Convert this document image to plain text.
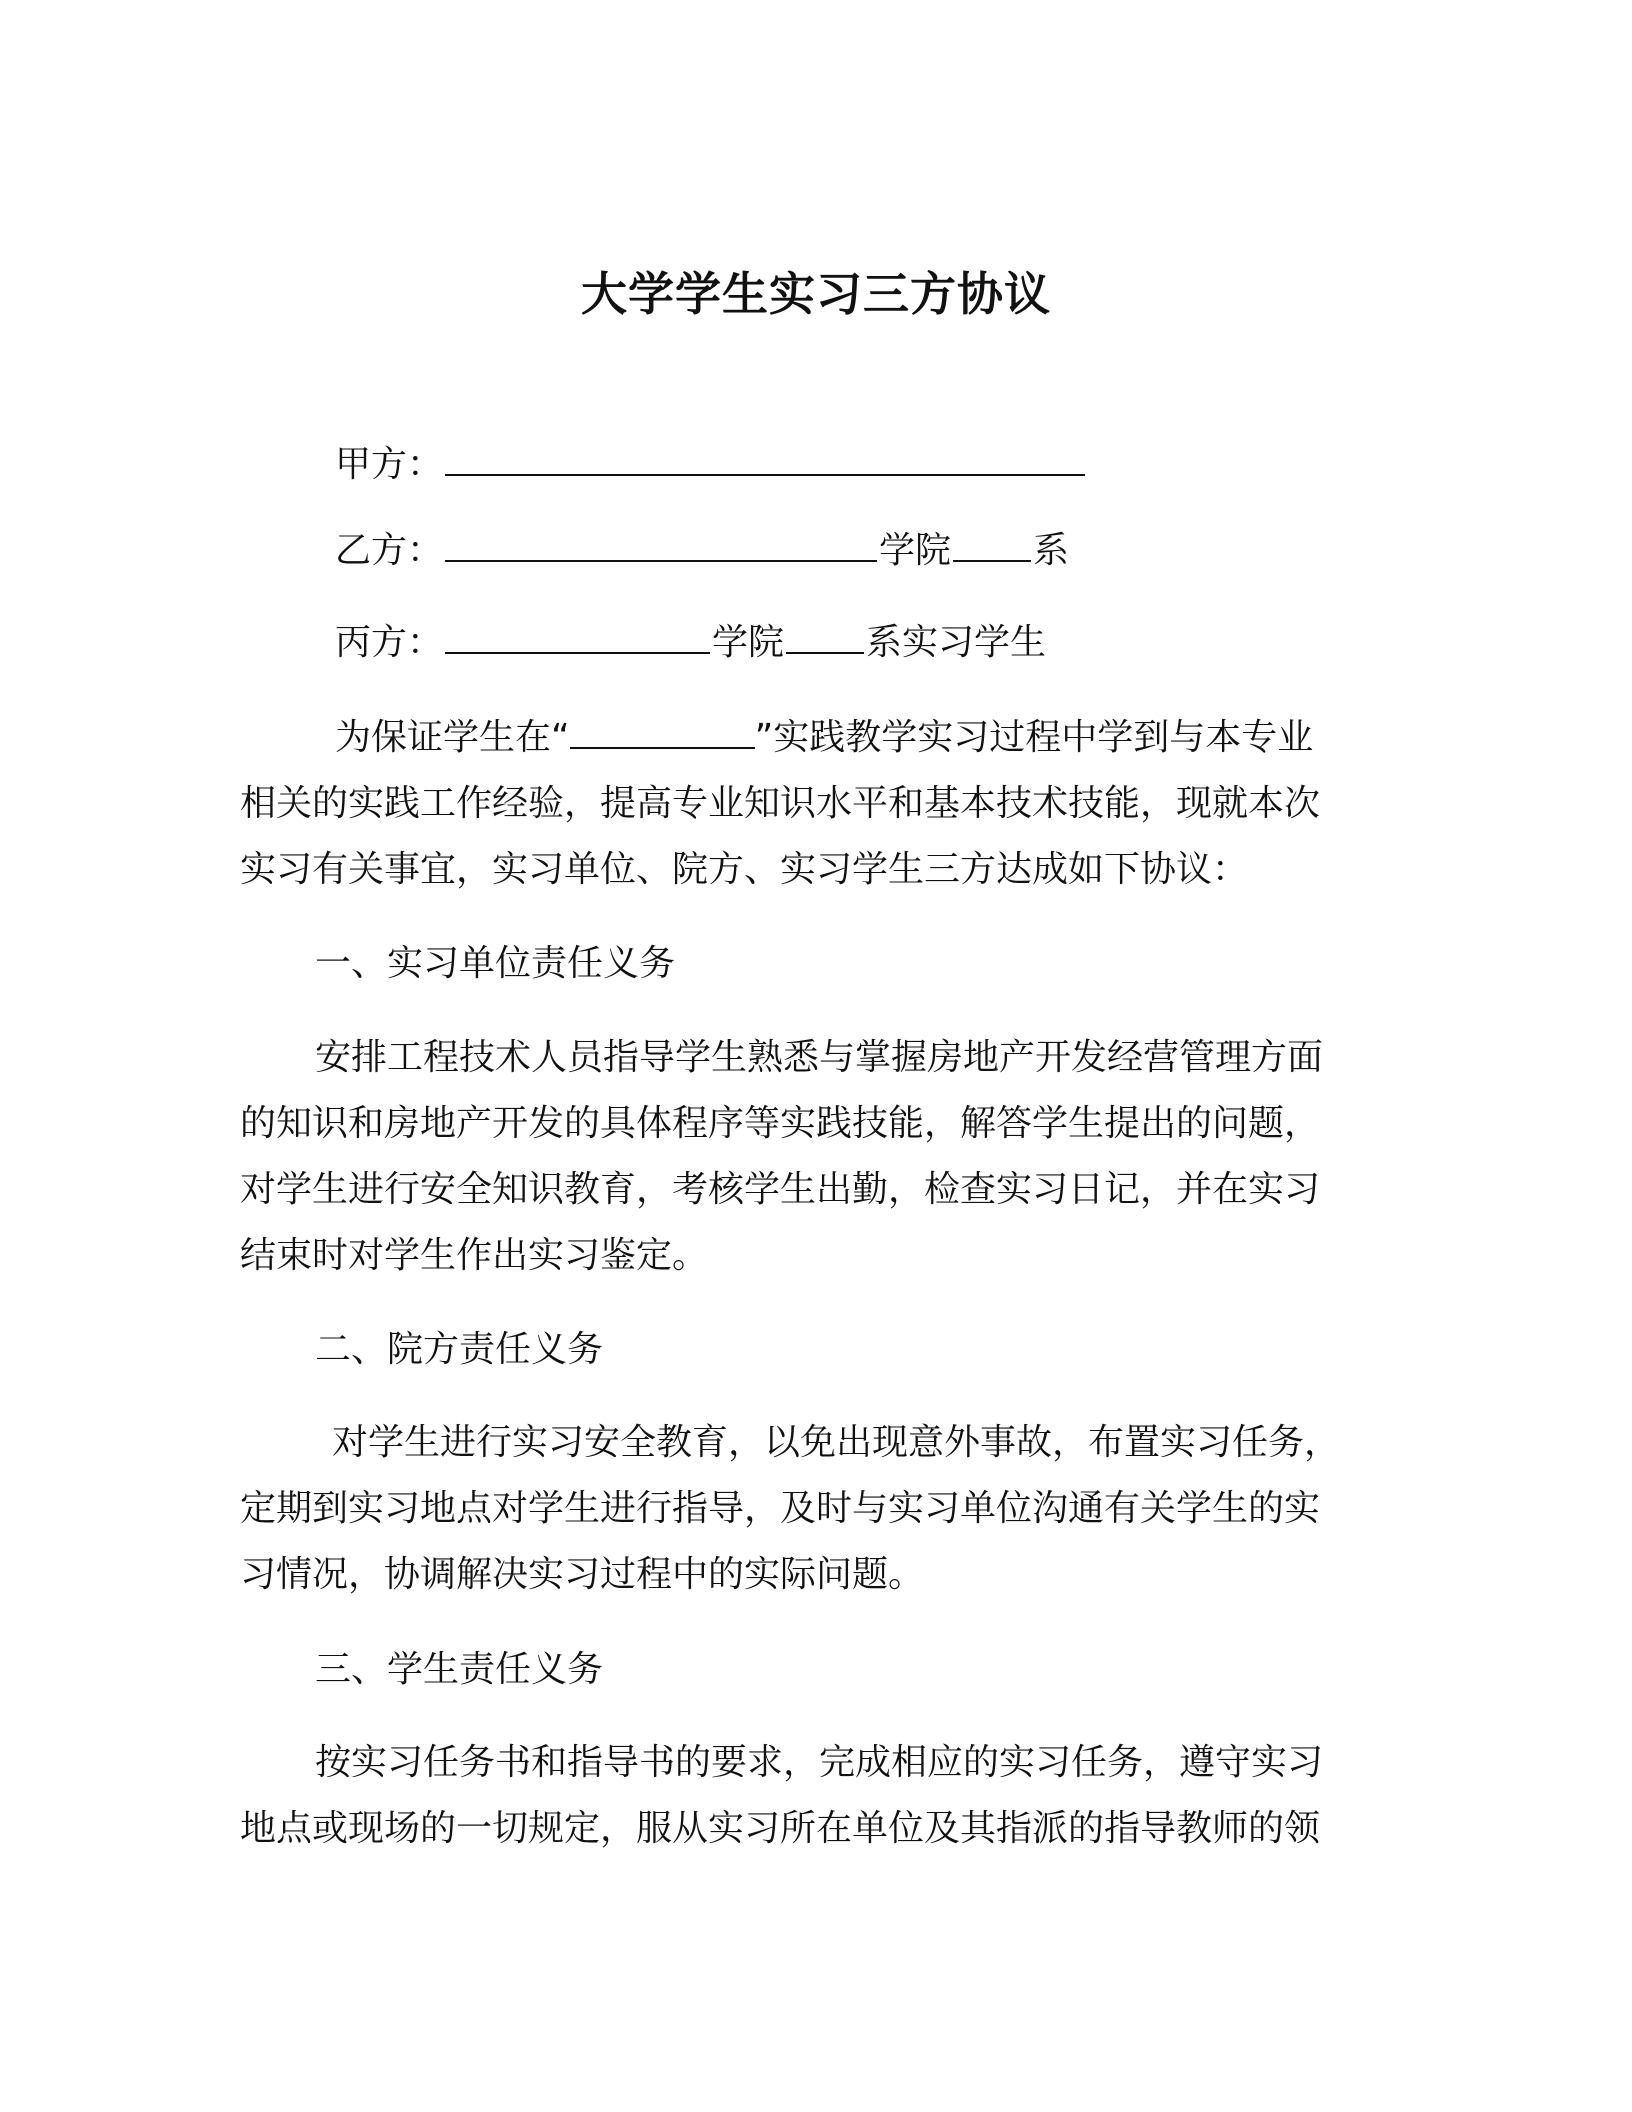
大学学生实习三方协议
甲方：
乙方：	学院 系
丙方：	学院 系实习学生
为保证学生在“	”实践教学实习过程中学到与本专业
相关的实践工作经验，提高专业知识水平和基本技术技能，现就本次
实习有关事宜，实习单位、院方、实习学生三方达成如下协议：
一、实习单位责任义务
安排工程技术人员指导学生熟悉与掌握房地产开发经营管理方面
的知识和房地产开发的具体程序等实践技能，解答学生提出的问题，
对学生进行安全知识教育，考核学生出勤，检查实习日记，并在实习
结束时对学生作出实习鉴定。
二、院方责任义务
对学生进行实习安全教育，以免出现意外事故，布置实习任务，
定期到实习地点对学生进行指导，及时与实习单位沟通有关学生的实
习情况，协调解决实习过程中的实际问题。
三、学生责任义务
按实习任务书和指导书的要求，完成相应的实习任务，遵守实习
地点或现场的一切规定，服从实习所在单位及其指派的指导教师的领
